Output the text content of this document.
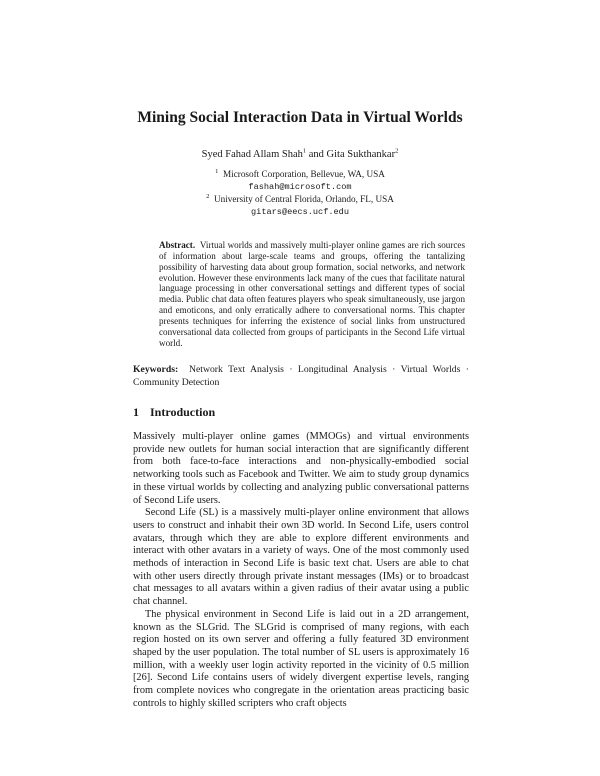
Mining Social Interaction Data in Virtual Worlds
Syed Fahad Allam Shah$^1$ and Gita Sukthankar$^2$
$^1$ Microsoft Corporation, Bellevue, WA, USA
fashah@microsoft.com
$^2$ University of Central Florida, Orlando, FL, USA
gitars@eecs.ucf.edu
Abstract. Virtual worlds and massively multi-player online games are rich sources of information about large-scale teams and groups, offering the tantalizing possibility of harvesting data about group formation, social networks, and network evolution. However these environments lack many of the cues that facilitate natural language processing in other conversational settings and different types of social media. Public chat data often features players who speak simultaneously, use jargon and emoticons, and only erratically adhere to conversational norms. This chapter presents techniques for inferring the existence of social links from unstructured conversational data collected from groups of participants in the Second Life virtual world.
Keywords: Network Text Analysis · Longitudinal Analysis · Virtual Worlds · Community Detection
1 Introduction

Massively multi-player online games (MMOGs) and virtual environments provide new outlets for human social interaction that are significantly different from both face-to-face interactions and non-physically-embodied social networking tools such as Facebook and Twitter. We aim to study group dynamics in these virtual worlds by collecting and analyzing public conversational patterns of Second Life users.

Second Life (SL) is a massively multi-player online environment that allows users to construct and inhabit their own 3D world. In Second Life, users control avatars, through which they are able to explore different environments and interact with other avatars in a variety of ways. One of the most commonly used methods of interaction in Second Life is basic text chat. Users are able to chat with other users directly through private instant messages (IMs) or to broadcast chat messages to all avatars within a given radius of their avatar using a public chat channel.

The physical environment in Second Life is laid out in a 2D arrangement, known as the SLGrid. The SLGrid is comprised of many regions, with each region hosted on its own server and offering a fully featured 3D environment shaped by the user population. The total number of SL users is approximately 16 million, with a weekly user login activity reported in the vicinity of 0.5 million [26]. Second Life contains users of widely divergent expertise levels, ranging from complete novices who congregate in the orientation areas practicing basic controls to highly skilled scripters who craft objects
